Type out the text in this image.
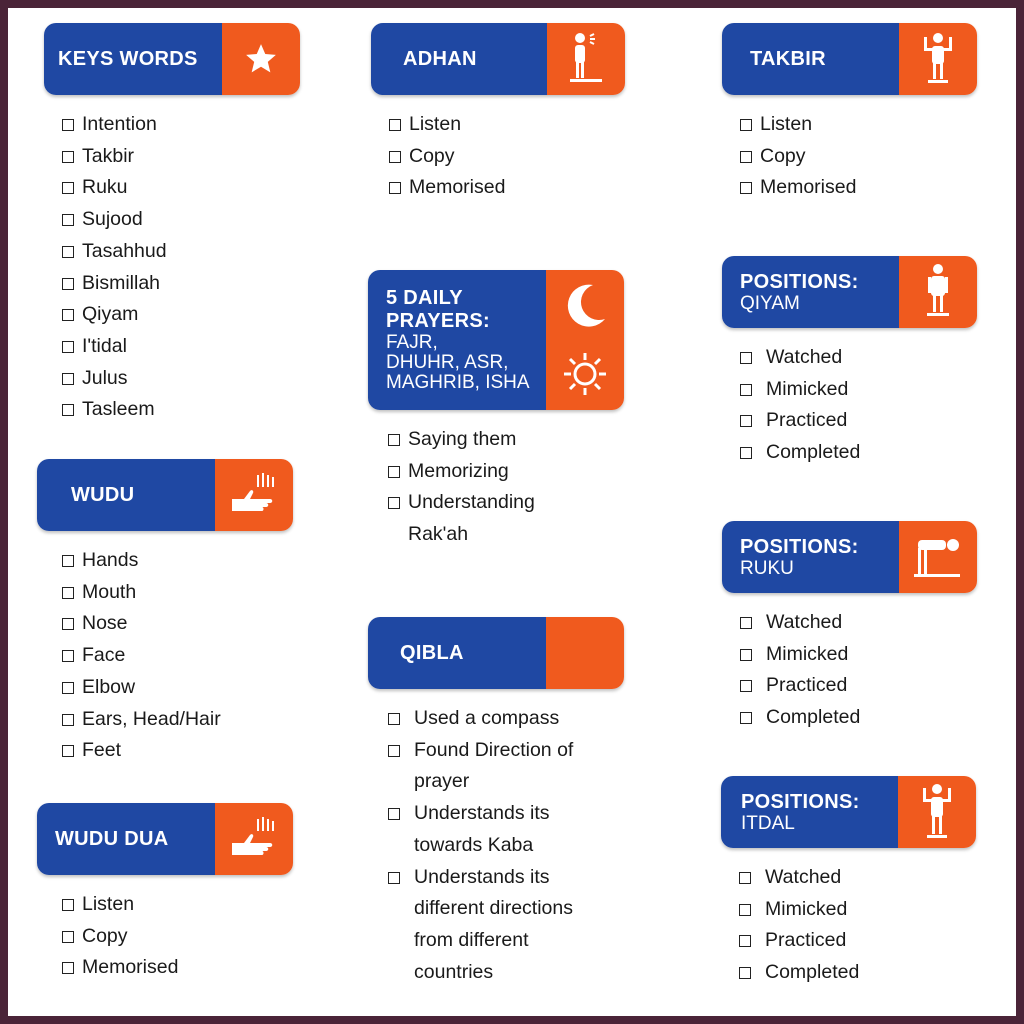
KEYS WORDS
Intention
Takbir
Ruku
Sujood
Tasahhud
Bismillah
Qiyam
I'tidal
Julus
Tasleem
WUDU
Hands
Mouth
Nose
Face
Elbow
Ears, Head/Hair
Feet
WUDU DUA
Listen
Copy
Memorised
ADHAN
Listen
Copy
Memorised
5 DAILY
PRAYERS:
FAJR,
DHUHR, ASR,
MAGHRIB, ISHA
Saying them
Memorizing
Understanding Rak'ah
QIBLA
Used a compass
Found Direction of prayer
Understands its towards Kaba
Understands its different directions from different countries
TAKBIR
Listen
Copy
Memorised
POSITIONS:
QIYAM
Watched
Mimicked
Practiced
Completed
POSITIONS:
RUKU
Watched
Mimicked
Practiced
Completed
POSITIONS:
ITDAL
Watched
Mimicked
Practiced
Completed
